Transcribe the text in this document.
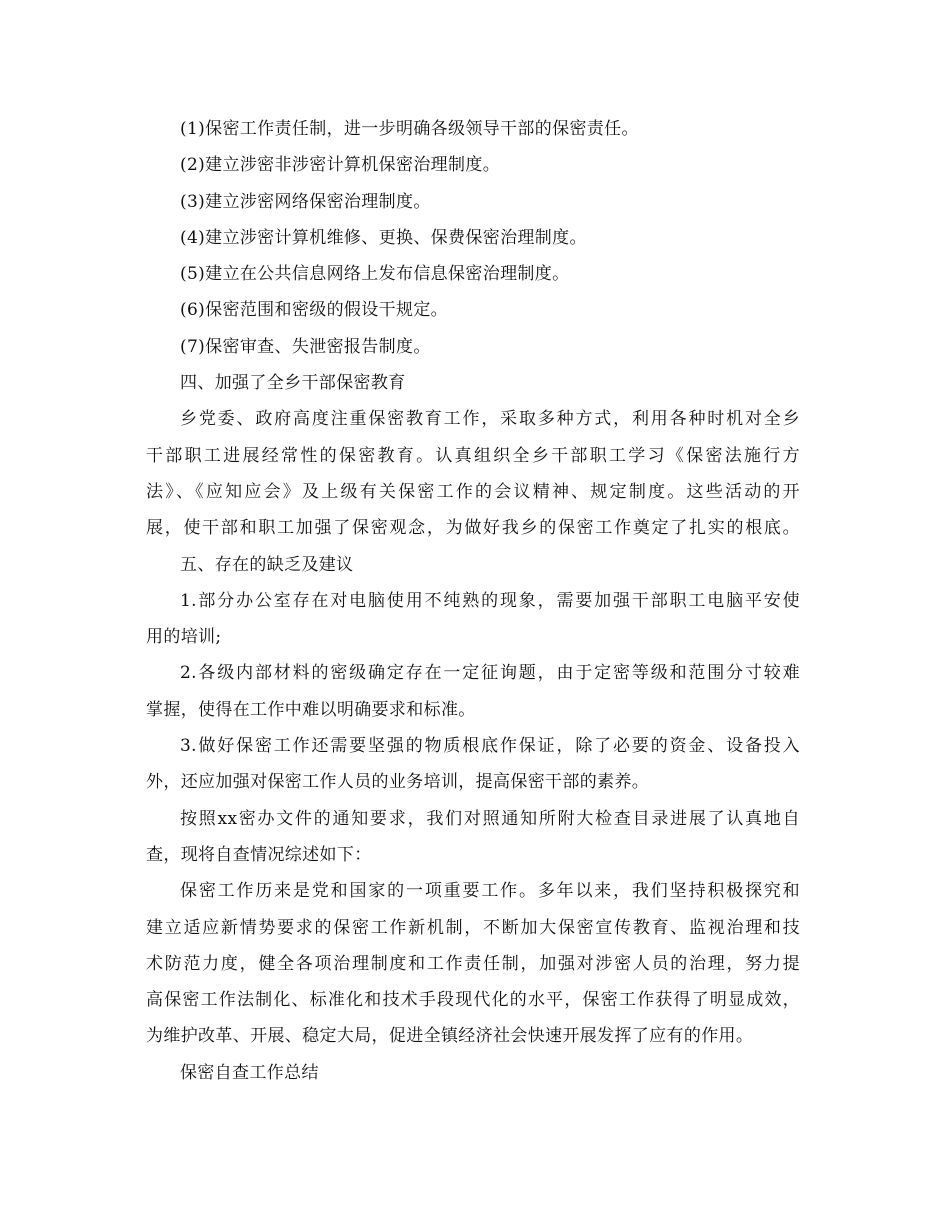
(1)保密工作责任制，进一步明确各级领导干部的保密责任。

(2)建立涉密非涉密计算机保密治理制度。

(3)建立涉密网络保密治理制度。

(4)建立涉密计算机维修、更换、保费保密治理制度。

(5)建立在公共信息网络上发布信息保密治理制度。

(6)保密范围和密级的假设干规定。

(7)保密审查、失泄密报告制度。

四、加强了全乡干部保密教育

乡党委、政府高度注重保密教育工作，采取多种方式，利用各种时机对全乡

干部职工进展经常性的保密教育。认真组织全乡干部职工学习《保密法施行方

法》、《应知应会》及上级有关保密工作的会议精神、规定制度。这些活动的开

展，使干部和职工加强了保密观念，为做好我乡的保密工作奠定了扎实的根底。

五、存在的缺乏及建议

1.部分办公室存在对电脑使用不纯熟的现象，需要加强干部职工电脑平安使

用的培训;

2.各级内部材料的密级确定存在一定征询题，由于定密等级和范围分寸较难

掌握，使得在工作中难以明确要求和标准。

3.做好保密工作还需要坚强的物质根底作保证，除了必要的资金、设备投入

外，还应加强对保密工作人员的业务培训，提高保密干部的素养。

按照xx密办文件的通知要求，我们对照通知所附大检查目录进展了认真地自

查，现将自查情况综述如下：

保密工作历来是党和国家的一项重要工作。多年以来，我们坚持积极探究和

建立适应新情势要求的保密工作新机制，不断加大保密宣传教育、监视治理和技

术防范力度，健全各项治理制度和工作责任制，加强对涉密人员的治理，努力提

高保密工作法制化、标准化和技术手段现代化的水平，保密工作获得了明显成效，

为维护改革、开展、稳定大局，促进全镇经济社会快速开展发挥了应有的作用。

保密自查工作总结
